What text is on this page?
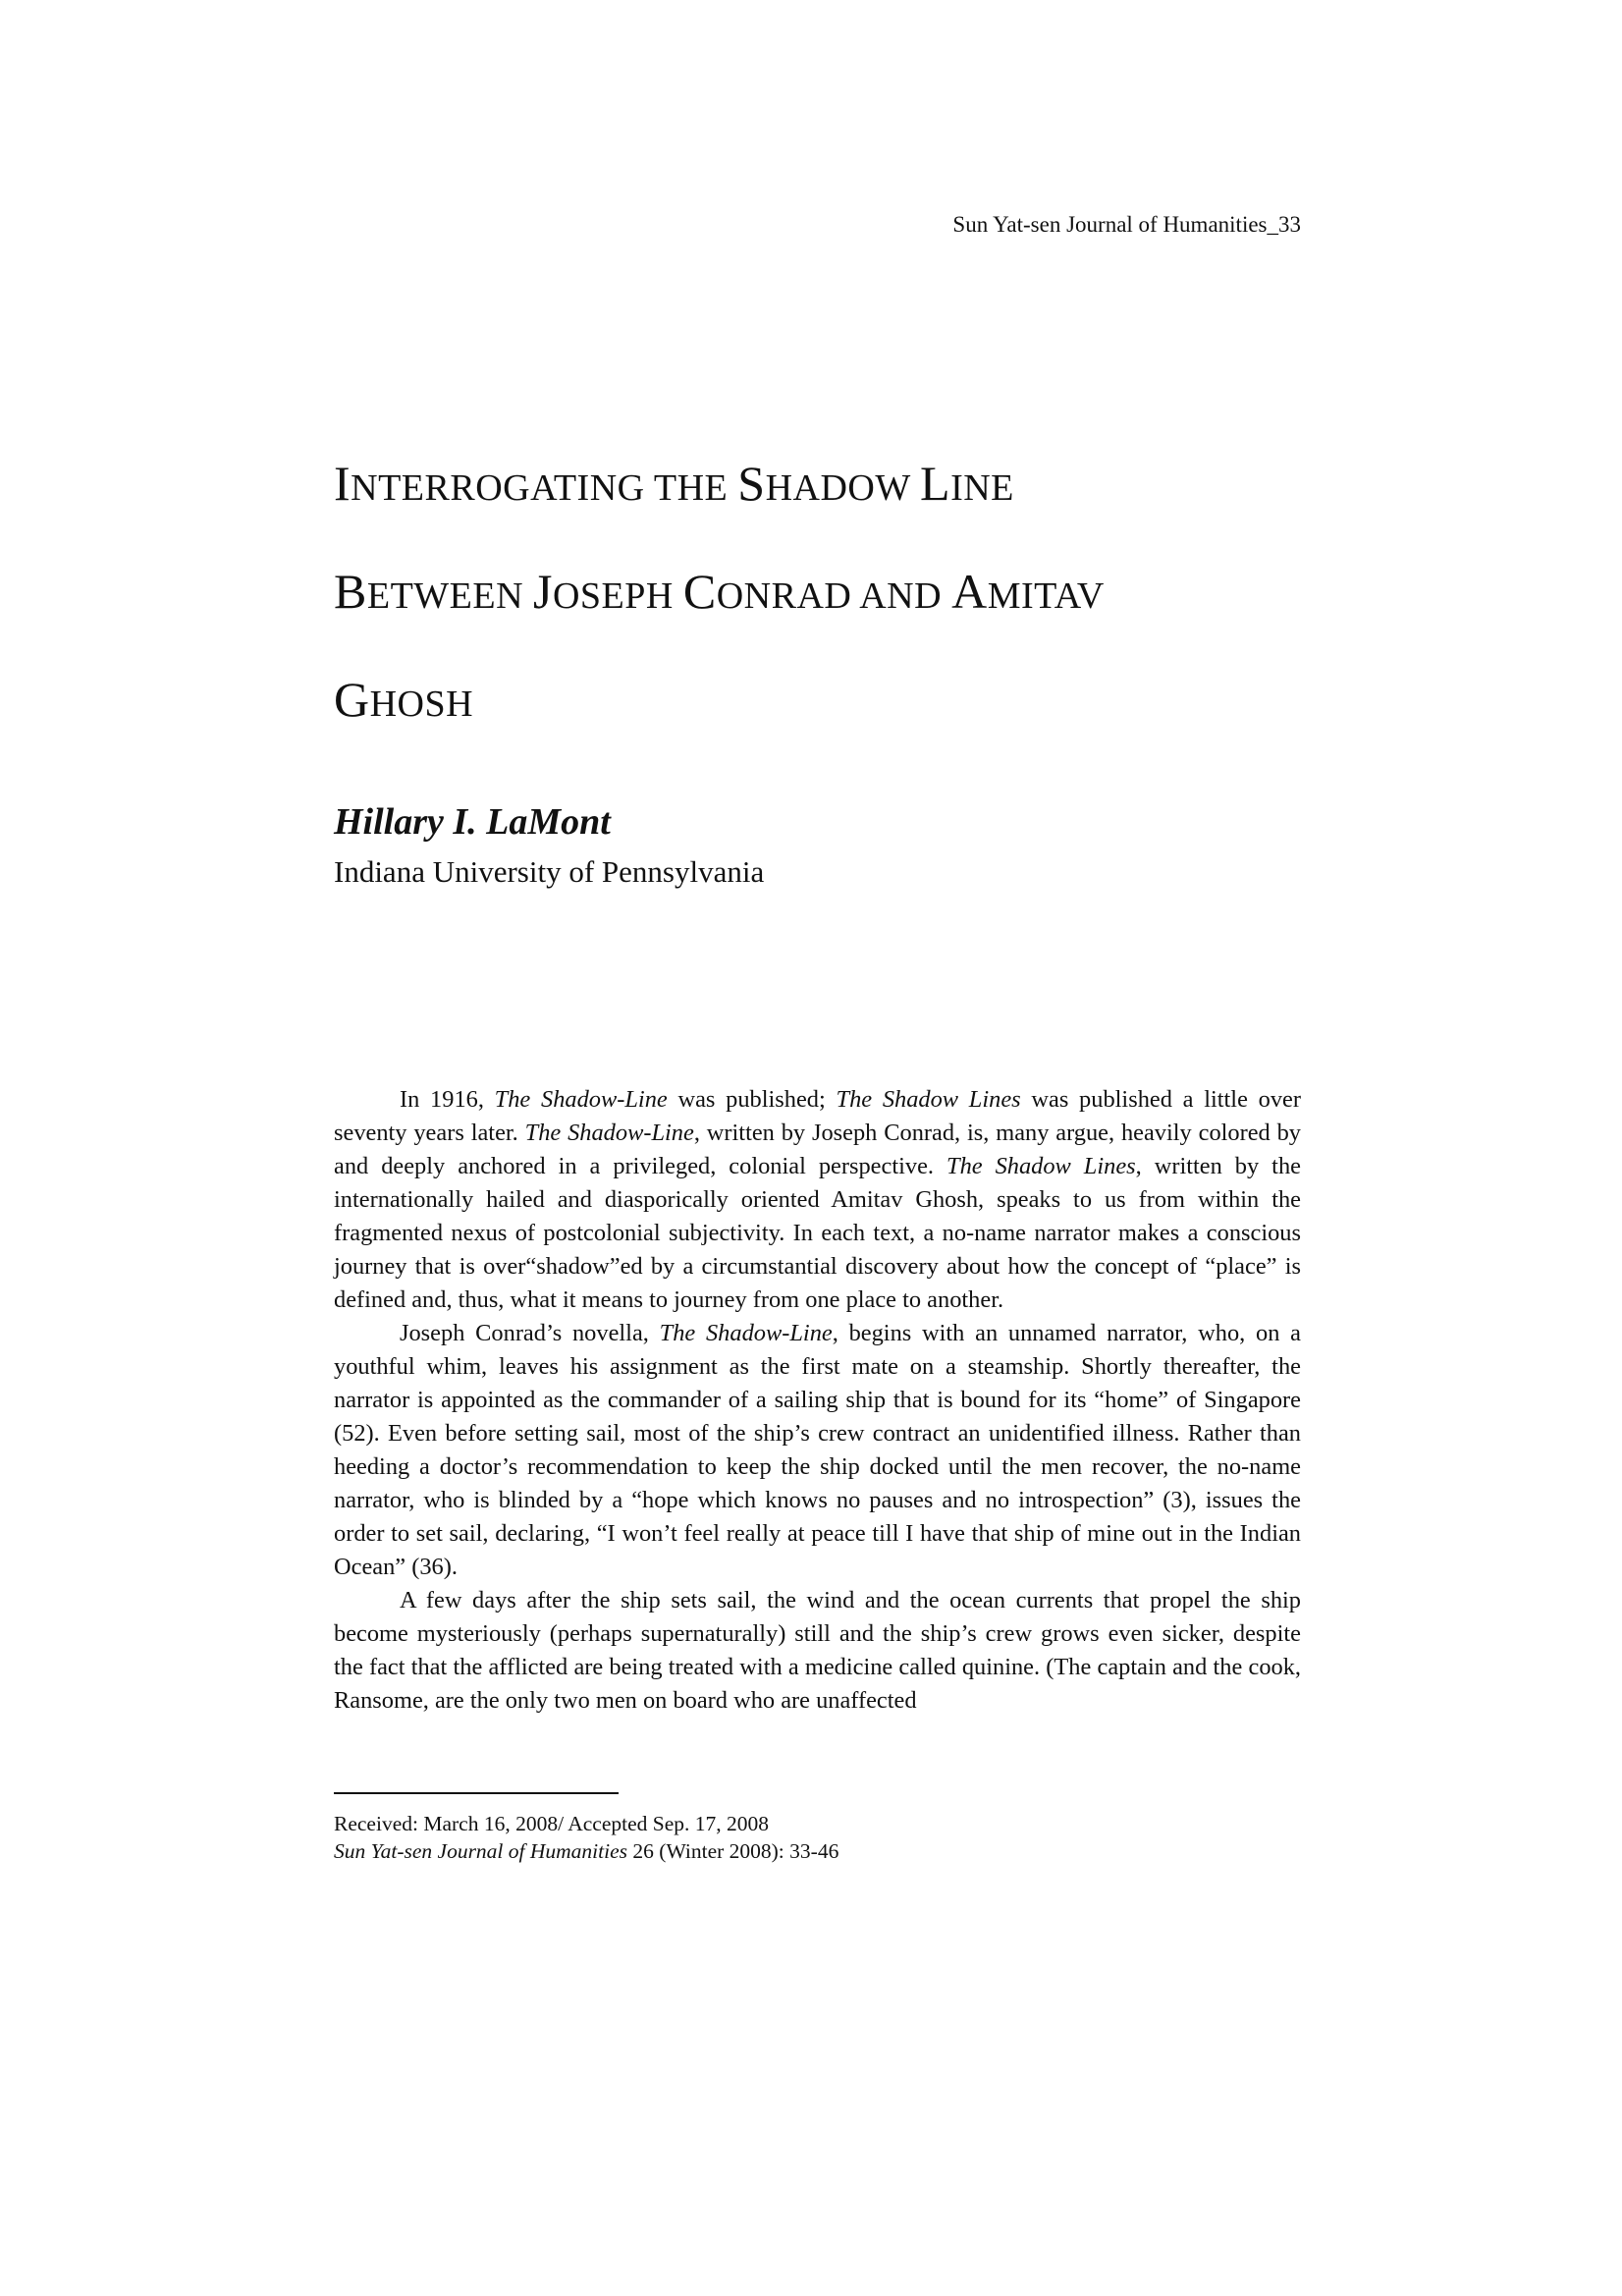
Sun Yat-sen Journal of Humanities_33
INTERROGATING THE SHADOW LINE
BETWEEN JOSEPH CONRAD AND AMITAV
GHOSH
Hillary I. LaMont
Indiana University of Pennsylvania

In 1916, The Shadow-Line was published; The Shadow Lines was published a little over seventy years later. The Shadow-Line, written by Joseph Conrad, is, many argue, heavily colored by and deeply anchored in a privileged, colonial perspective. The Shadow Lines, written by the internationally hailed and diasporically oriented Amitav Ghosh, speaks to us from within the fragmented nexus of postcolonial subjectivity. In each text, a no-name narrator makes a conscious journey that is over“shadow”ed by a circumstantial discovery about how the concept of “place” is defined and, thus, what it means to journey from one place to another.

Joseph Conrad’s novella, The Shadow-Line, begins with an unnamed narrator, who, on a youthful whim, leaves his assignment as the first mate on a steamship. Shortly thereafter, the narrator is appointed as the commander of a sailing ship that is bound for its “home” of Singapore (52). Even before setting sail, most of the ship’s crew contract an unidentified illness. Rather than heeding a doctor’s recommendation to keep the ship docked until the men recover, the no-name narrator, who is blinded by a “hope which knows no pauses and no introspection” (3), issues the order to set sail, declaring, “I won’t feel really at peace till I have that ship of mine out in the Indian Ocean” (36).

A few days after the ship sets sail, the wind and the ocean currents that propel the ship become mysteriously (perhaps supernaturally) still and the ship’s crew grows even sicker, despite the fact that the afflicted are being treated with a medicine called quinine. (The captain and the cook, Ransome, are the only two men on board who are unaffected

Received: March 16, 2008/ Accepted Sep. 17, 2008
Sun Yat-sen Journal of Humanities 26 (Winter 2008): 33-46
